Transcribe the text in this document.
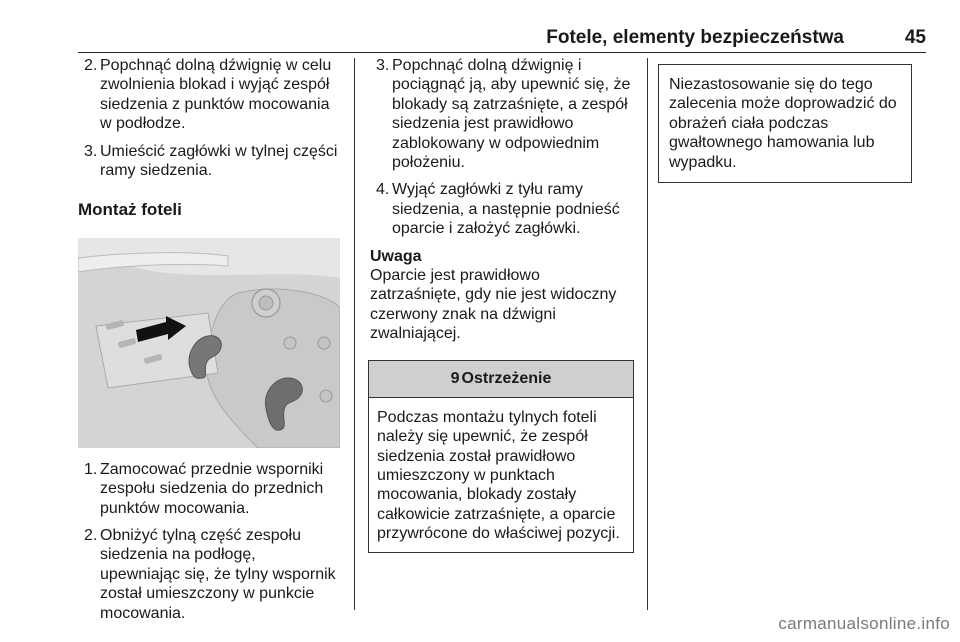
Fotele, elementy bezpieczeństwa	45
2. Popchnąć dolną dźwignię w celu zwolnienia blokad i wyjąć zespół siedzenia z punktów mocowania w podłodze.
3. Umieścić zagłówki w tylnej części ramy siedzenia.
Montaż foteli
1. Zamocować przednie wsporniki zespołu siedzenia do przednich punktów mocowania.
2. Obniżyć tylną część zespołu siedzenia na podłogę, upewniając się, że tylny wspornik został umieszczony w punkcie mocowania.
3. Popchnąć dolną dźwignię i pociągnąć ją, aby upewnić się, że blokady są zatrzaśnięte, a zespół siedzenia jest prawidłowo zablokowany w odpowiednim położeniu.
4. Wyjąć zagłówki z tyłu ramy siedzenia, a następnie podnieść oparcie i założyć zagłówki.
Uwaga
Oparcie jest prawidłowo zatrzaśnięte, gdy nie jest widoczny czerwony znak na dźwigni zwalniającej.
9 Ostrzeżenie
Podczas montażu tylnych foteli należy się upewnić, że zespół siedzenia został prawidłowo umieszczony w punktach mocowania, blokady zostały całkowicie zatrzaśnięte, a oparcie przywrócone do właściwej pozycji.
Niezastosowanie się do tego zalecenia może doprowadzić do obrażeń ciała podczas gwałtownego hamowania lub wypadku.
carmanualsonline.info
